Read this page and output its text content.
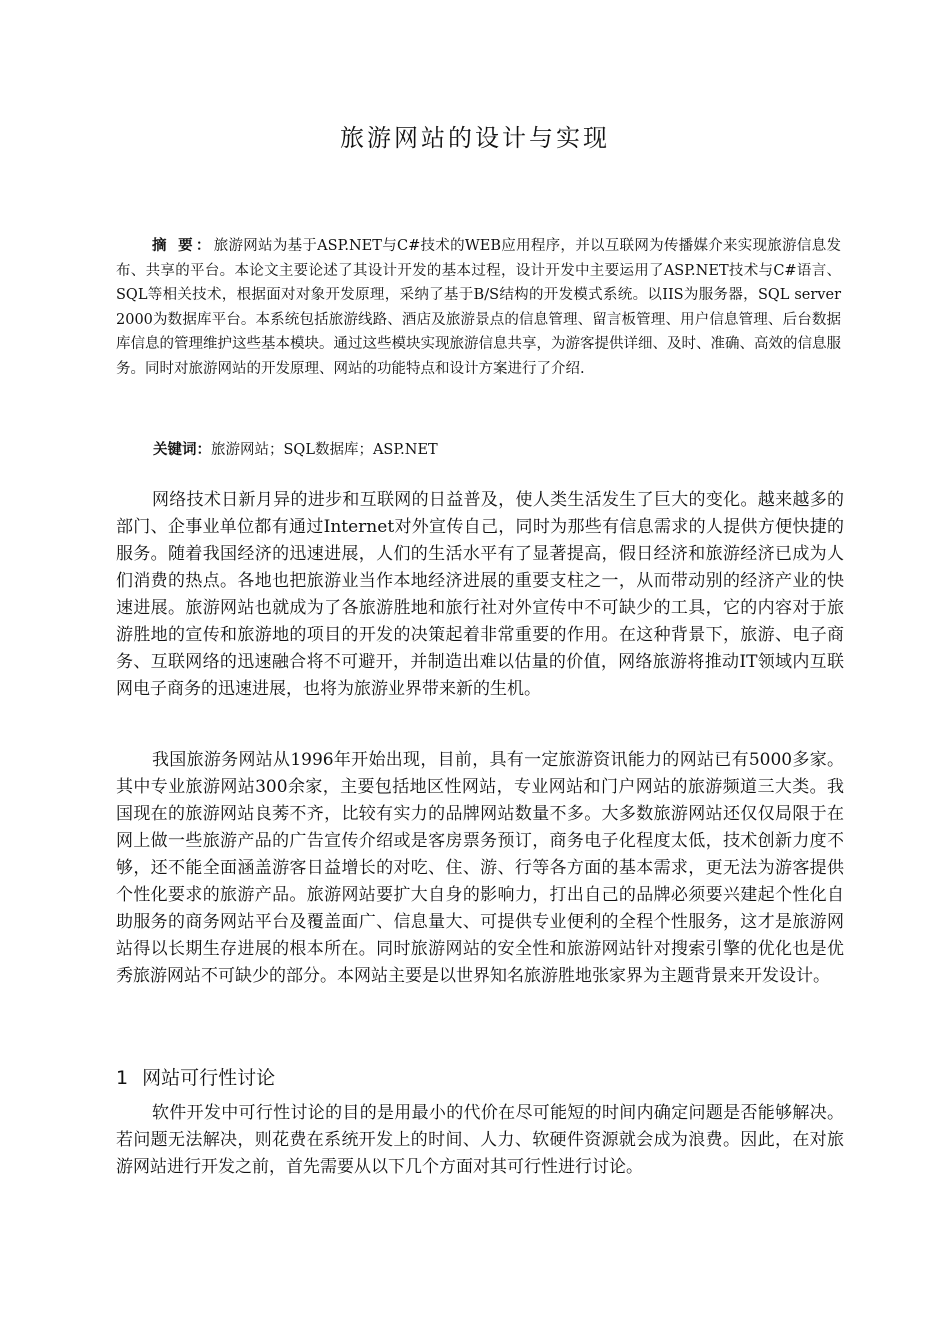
旅游网站的设计与实现

摘 要：旅游网站为基于ASP.NET与C#技术的WEB应用程序，并以互联网为传播媒介来实现旅游信息发布、共享的平台。本论文主要论述了其设计开发的基本过程，设计开发中主要运用了ASP.NET技术与C#语言、 SQL等相关技术，根据面对对象开发原理，采纳了基于B/S结构的开发模式系统。以IIS为服务器，SQL server 2000为数据库平台。本系统包括旅游线路、酒店及旅游景点的信息管理、留言板管理、用户信息管理、后台数据库信息的管理维护这些基本模块。通过这些模块实现旅游信息共享，为游客提供详细、及时、准确、高效的信息服务。同时对旅游网站的开发原理、网站的功能特点和设计方案进行了介绍.

关键词：旅游网站；SQL数据库；ASP.NET

网络技术日新月异的进步和互联网的日益普及，使人类生活发生了巨大的变化。越来越多的部门、企事业单位都有通过Internet对外宣传自己，同时为那些有信息需求的人提供方便快捷的服务。随着我国经济的迅速进展，人们的生活水平有了显著提高，假日经济和旅游经济已成为人们消费的热点。各地也把旅游业当作本地经济进展的重要支柱之一，从而带动别的经济产业的快速进展。旅游网站也就成为了各旅游胜地和旅行社对外宣传中不可缺少的工具，它的内容对于旅游胜地的宣传和旅游地的项目的开发的决策起着非常重要的作用。在这种背景下，旅游、电子商务、互联网络的迅速融合将不可避开，并制造出难以估量的价值，网络旅游将推动IT领域内互联网电子商务的迅速进展，也将为旅游业界带来新的生机。

我国旅游务网站从1996年开始出现，目前，具有一定旅游资讯能力的网站已有5000多家。其中专业旅游网站300余家，主要包括地区性网站，专业网站和门户网站的旅游频道三大类。我国现在的旅游网站良莠不齐，比较有实力的品牌网站数量不多。大多数旅游网站还仅仅局限于在网上做一些旅游产品的广告宣传介绍或是客房票务预订，商务电子化程度太低，技术创新力度不够，还不能全面涵盖游客日益增长的对吃、住、游、行等各方面的基本需求，更无法为游客提供个性化要求的旅游产品。旅游网站要扩大自身的影响力，打出自己的品牌必须要兴建起个性化自助服务的商务网站平台及覆盖面广、信息量大、可提供专业便利的全程个性服务，这才是旅游网站得以长期生存进展的根本所在。同时旅游网站的安全性和旅游网站针对搜索引擎的优化也是优秀旅游网站不可缺少的部分。本网站主要是以世界知名旅游胜地张家界为主题背景来开发设计。

1 网站可行性讨论

软件开发中可行性讨论的目的是用最小的代价在尽可能短的时间内确定问题是否能够解决。若问题无法解决，则花费在系统开发上的时间、人力、软硬件资源就会成为浪费。因此，在对旅游网站进行开发之前，首先需要从以下几个方面对其可行性进行讨论。
